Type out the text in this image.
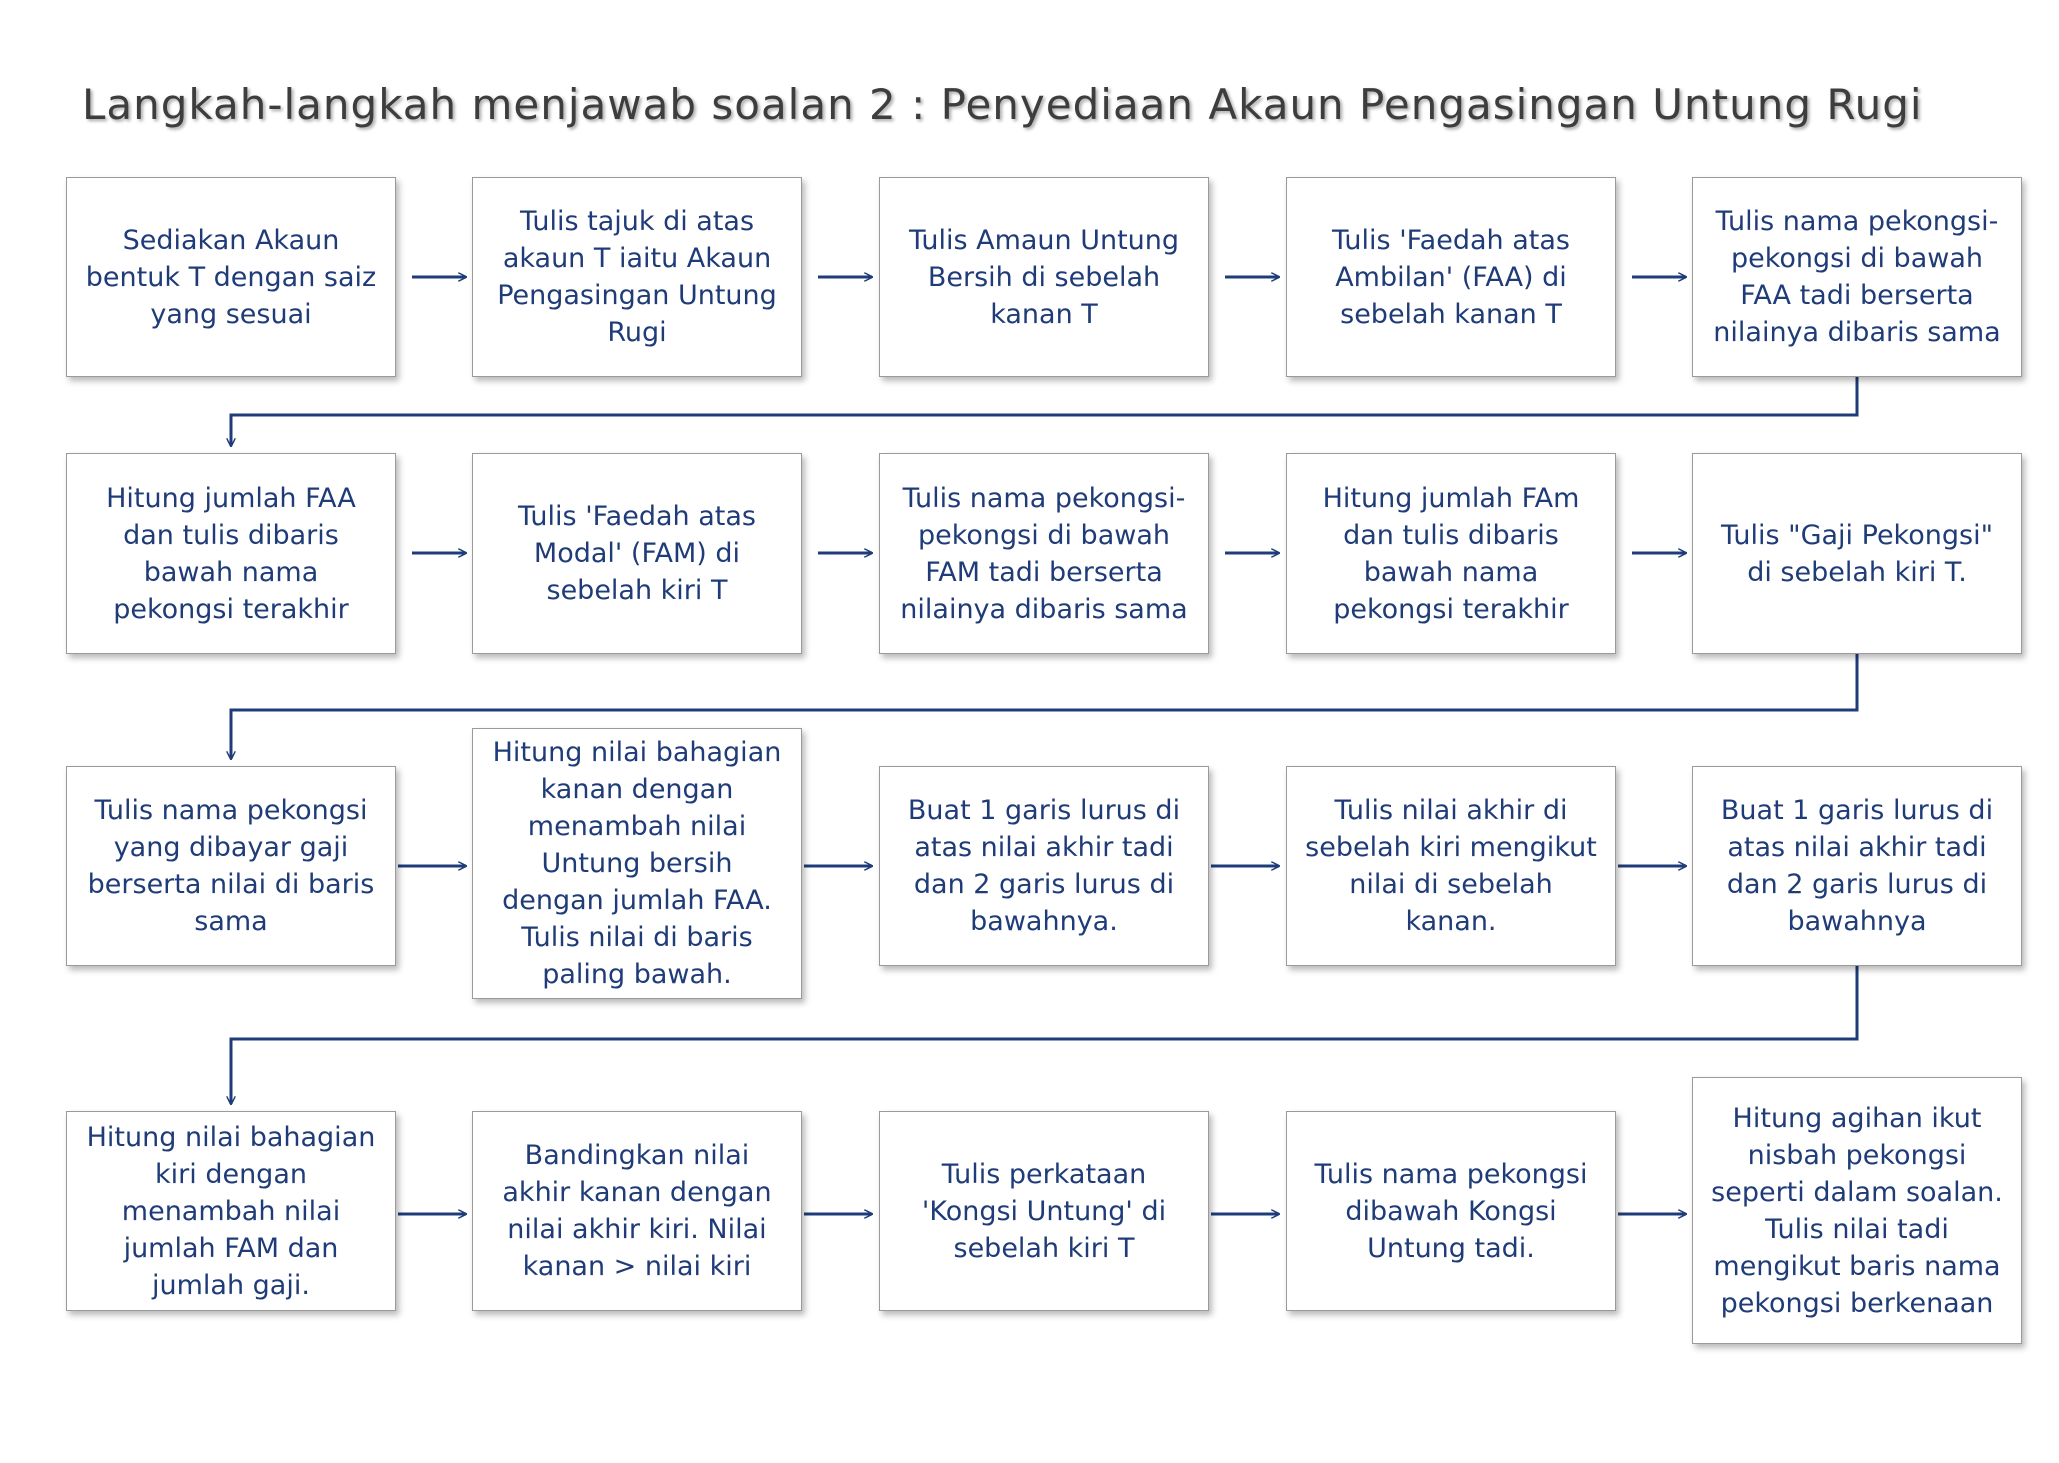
Langkah-langkah menjawab soalan 2 : Penyediaan Akaun Pengasingan Untung Rugi
Sediakan Akaun
bentuk T dengan saiz
yang sesuai
Tulis tajuk di atas
akaun T iaitu Akaun
Pengasingan Untung
Rugi
Tulis Amaun Untung
Bersih di sebelah
kanan T
Tulis 'Faedah atas
Ambilan' (FAA) di
sebelah kanan T
Tulis nama pekongsi-
pekongsi di bawah
FAA tadi berserta
nilainya dibaris sama
Hitung jumlah FAA
dan tulis dibaris
bawah nama
pekongsi terakhir
Tulis 'Faedah atas
Modal' (FAM) di
sebelah kiri T
Tulis nama pekongsi-
pekongsi di bawah
FAM tadi berserta
nilainya dibaris sama
Hitung jumlah FAm
dan tulis dibaris
bawah nama
pekongsi terakhir
Tulis "Gaji Pekongsi"
di sebelah kiri T.
Tulis nama pekongsi
yang dibayar gaji
berserta nilai di baris
sama
Hitung nilai bahagian
kanan dengan
menambah nilai
Untung bersih
dengan jumlah FAA.
Tulis nilai di baris
paling bawah.
Buat 1 garis lurus di
atas nilai akhir tadi
dan 2 garis lurus di
bawahnya.
Tulis nilai akhir di
sebelah kiri mengikut
nilai di sebelah
kanan.
Buat 1 garis lurus di
atas nilai akhir tadi
dan 2 garis lurus di
bawahnya
Hitung nilai bahagian
kiri dengan
menambah nilai
jumlah FAM dan
jumlah gaji.
Bandingkan nilai
akhir kanan dengan
nilai akhir kiri. Nilai
kanan > nilai kiri
Tulis perkataan
'Kongsi Untung' di
sebelah kiri T
Tulis nama pekongsi
dibawah Kongsi
Untung tadi.
Hitung agihan ikut
nisbah pekongsi
seperti dalam soalan.
Tulis nilai tadi
mengikut baris nama
pekongsi berkenaan
